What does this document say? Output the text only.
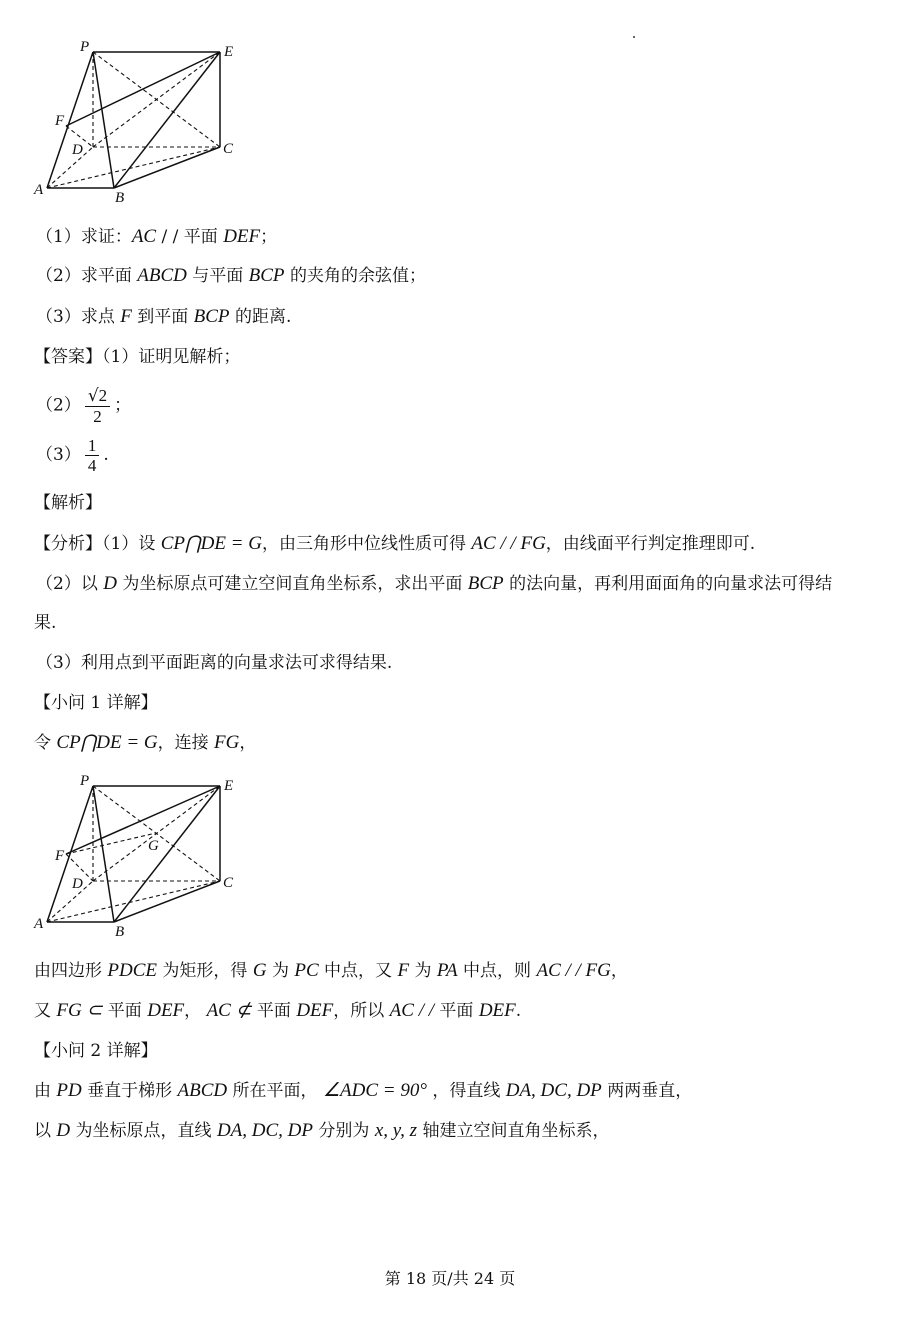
P	E
F
D	C
A	B
（1）求证：AC / / 平面 DEF；
（2）求平面 ABCD 与平面 BCP 的夹角的余弦值；
（3）求点 F 到平面 BCP 的距离.
【答案】（1）证明见解析；
$(2) \frac{√2}{2}$ ；
$(3) \frac{1}{4}$ .
【解析】
【分析】（1）设 CP⋂DE = G，由三角形中位线性质可得 AC / / FG，由线面平行判定推理即可.
（2）以 D 为坐标原点可建立空间直角坐标系，求出平面 BCP 的法向量，再利用面面角的向量求法可得结
果.
（3）利用点到平面距离的向量求法可求得结果.
【小问 1 详解】
令 CP⋂DE = G，连接 FG，
P	E
F
G
D	C
A	B
由四边形 PDCE 为矩形，得 G 为 PC 中点，又 F 为 PA 中点，则 AC / / FG，
又 FG ⊂ 平面 DEF， AC ⊄ 平面 DEF，所以 AC / / 平面 DEF.
【小问 2 详解】
由 PD 垂直于梯形 ABCD 所在平面， ∠ADC = 90° ，得直线 DA, DC, DP 两两垂直，
以 D 为坐标原点，直线 DA, DC, DP 分别为 x, y, z 轴建立空间直角坐标系，
第 18 页/共 24 页
